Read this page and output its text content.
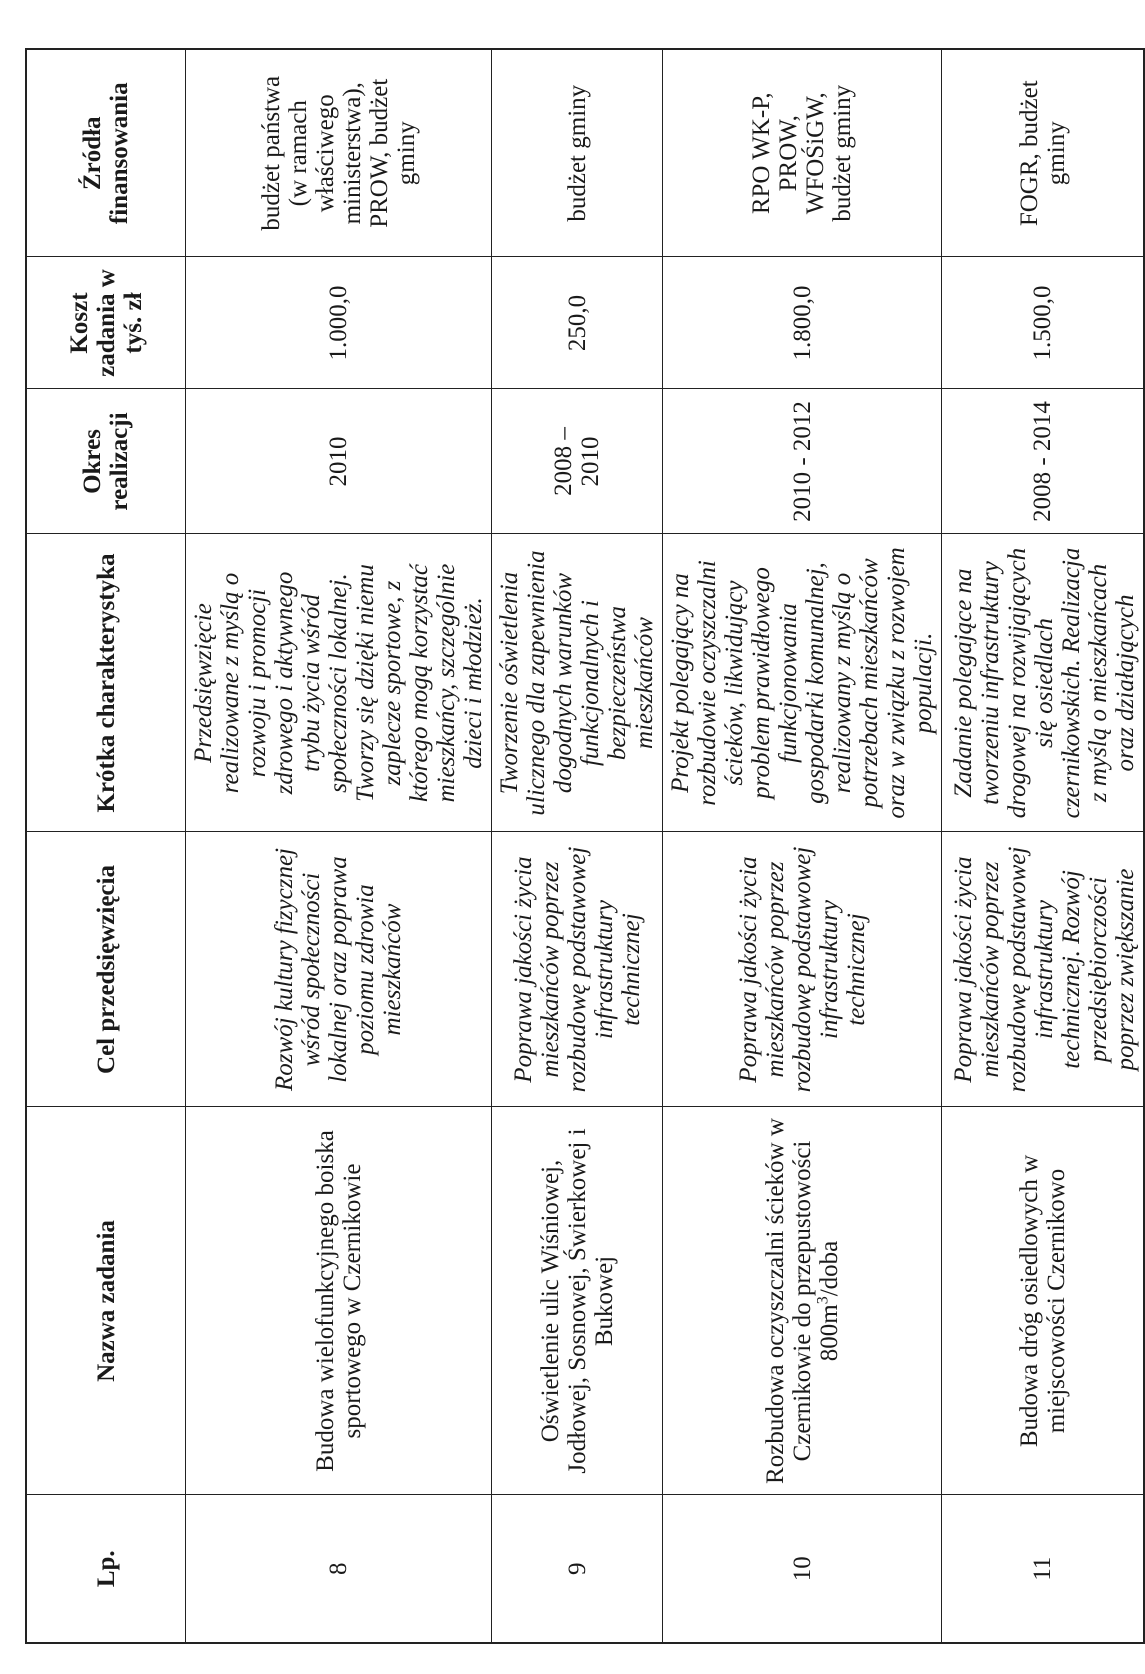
Lp.	Nazwa zadania	Cel przedsięwzięcia	Krótka charakterystyka	Okres realizacji	Koszt zadania w tyś. zł	Źródła finansowania
8	Budowa wielofunkcyjnego boiska sportowego w Czernikowie	Rozwój kultury fizycznej wśród społeczności lokalnej oraz poprawa poziomu zdrowia mieszkańców	Przedsięwzięcie realizowane z myślą o rozwoju i promocji zdrowego i aktywnego trybu życia wśród społeczności lokalnej. Tworzy się dzięki niemu zaplecze sportowe, z którego mogą korzystać mieszkańcy, szczególnie dzieci i młodzież.	2010	1.000,0	budżet państwa (w ramach właściwego ministerstwa), PROW, budżet gminy
9	Oświetlenie ulic Wiśniowej, Jodłowej, Sosnowej, Świerkowej i Bukowej	Poprawa jakości życia mieszkańców poprzez rozbudowę podstawowej infrastruktury technicznej	Tworzenie oświetlenia ulicznego dla zapewnienia dogodnych warunków funkcjonalnych i bezpieczeństwa mieszkańców	2008 – 2010	250,0	budżet gminy
10	Rozbudowa oczyszczalni ścieków w Czernikowie do przepustowości $800m^3$/doba	Poprawa jakości życia mieszkańców poprzez rozbudowę podstawowej infrastruktury technicznej	Projekt polegający na rozbudowie oczyszczalni ścieków, likwidujący problem prawidłowego funkcjonowania gospodarki komunalnej, realizowany z myślą o potrzebach mieszkańców oraz w związku z rozwojem populacji.	2010 - 2012	1.800,0	RPO WK-P, PROW, WFOŚiGW, budżet gminy
11	Budowa dróg osiedlowych w miejscowości Czernikowo	Poprawa jakości życia mieszkańców poprzez rozbudowę podstawowej infrastruktury technicznej. Rozwój przedsiębiorczości poprzez zwiększanie	Zadanie polegające na tworzeniu infrastruktury drogowej na rozwijających się osiedlach czernikowskich. Realizacja z myślą o mieszkańcach oraz działających	2008 - 2014	1.500,0	FOGR, budżet gminy
